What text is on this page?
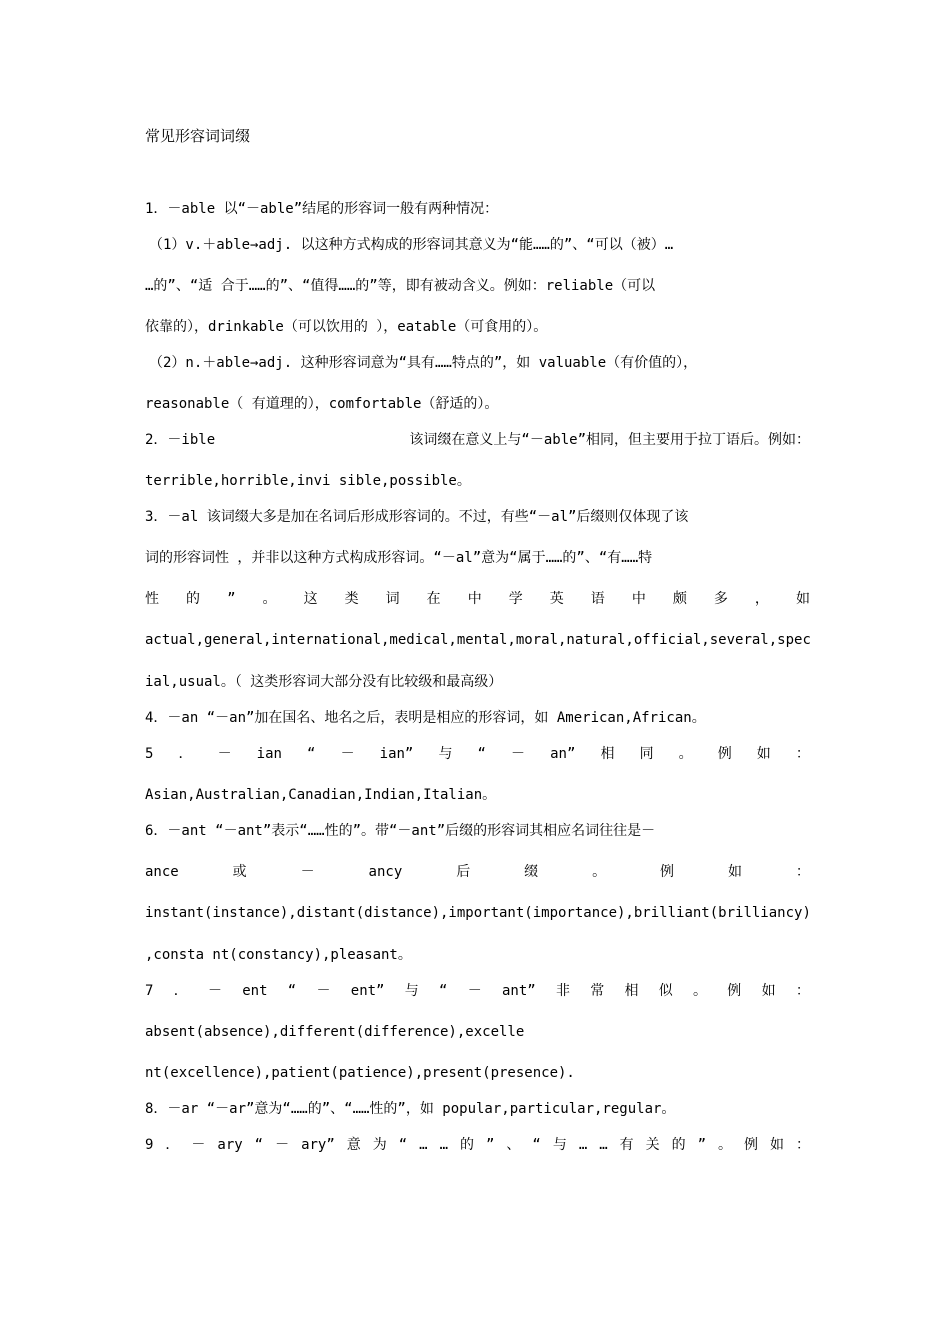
常见形容词词缀
1．－able 以“－able”结尾的形容词一般有两种情况：
（1）v.＋able→adj. 以这种方式构成的形容词其意义为“能……的”、“可以（被）…
…的”、“适 合于……的”、“值得……的”等，即有被动含义。例如：reliable（可以
依靠的），drinkable（可以饮用的 ），eatable（可食用的）。
（2）n.＋able→adj. 这种形容词意为“具有……特点的”，如 valuable（有价值的），
reasonable（ 有道理的），comfortable（舒适的）。
2．－ible	该词缀在意义上与“－able”相同，但主要用于拉丁语后。例如：
terrible,horrible,invi sible,possible。
3．－al 该词缀大多是加在名词后形成形容词的。不过，有些“－al”后缀则仅体现了该
词的形容词性 ，并非以这种方式构成形容词。“－al”意为“属于……的”、“有……特
性 的 ” 。 这 类 词 在 中 学 英 语 中 颇 多 ， 如
actual,general,international,medical,mental,moral,natural,official,several,spec
ial,usual。（ 这类形容词大部分没有比较级和最高级）
4．－an “－an”加在国名、地名之后，表明是相应的形容词，如 American,African。
5 ． － ian “ － ian” 与 “ － an” 相 同 。 例 如 ：
Asian,Australian,Canadian,Indian,Italian。
6．－ant “－ant”表示“……性的”。带“－ant”后缀的形容词其相应名词往往是－
ance	或	－	ancy	后	缀	。	例	如	：
instant(instance),distant(distance),important(importance),brilliant(brilliancy)
,consta nt(constancy),pleasant。
7 ． － ent “ － ent” 与 “ － ant” 非 常 相 似 。 例 如 ：
absent(absence),different(difference),excelle
nt(excellence),patient(patience),present(presence).
8．－ar “－ar”意为“……的”、“……性的”，如 popular,particular,regular。
9 ． － ary “ － ary” 意 为 “ … … 的 ” 、 “ 与 … … 有 关 的 ” 。 例 如 ：
